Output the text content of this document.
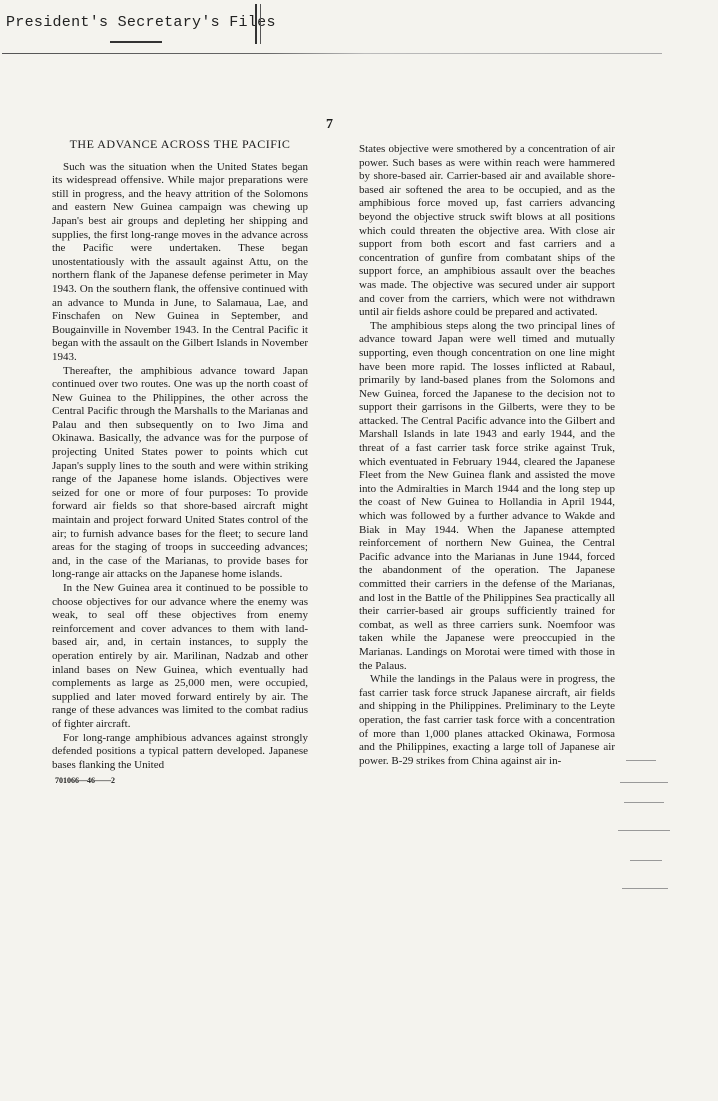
President's Secretary's Files
7
THE ADVANCE ACROSS THE PACIFIC

Such was the situation when the United States began its widespread offensive. While major preparations were still in progress, and the heavy attrition of the Solomons and eastern New Guinea campaign was chewing up Japan's best air groups and depleting her shipping and supplies, the first long-range moves in the advance across the Pacific were undertaken. These began unostentatiously with the assault against Attu, on the northern flank of the Japanese defense perimeter in May 1943. On the southern flank, the offensive continued with an advance to Munda in June, to Salamaua, Lae, and Finschafen on New Guinea in September, and Bougainville in November 1943. In the Central Pacific it began with the assault on the Gilbert Islands in November 1943.

Thereafter, the amphibious advance toward Japan continued over two routes. One was up the north coast of New Guinea to the Philippines, the other across the Central Pacific through the Marshalls to the Marianas and Palau and then subsequently on to Iwo Jima and Okinawa. Basically, the advance was for the purpose of projecting United States power to points which cut Japan's supply lines to the south and were within striking range of the Japanese home islands. Objectives were seized for one or more of four purposes: To provide forward air fields so that shore-based aircraft might maintain and project forward United States control of the air; to furnish advance bases for the fleet; to secure land areas for the staging of troops in succeeding advances; and, in the case of the Marianas, to provide bases for long-range air attacks on the Japanese home islands.

In the New Guinea area it continued to be possible to choose objectives for our advance where the enemy was weak, to seal off these objectives from enemy reinforcement and cover advances to them with land-based air, and, in certain instances, to supply the operation entirely by air. Marilinan, Nadzab and other inland bases on New Guinea, which eventually had complements as large as 25,000 men, were occupied, supplied and later moved forward entirely by air. The range of these advances was limited to the combat radius of fighter aircraft.

For long-range amphibious advances against strongly defended positions a typical pattern developed. Japanese bases flanking the United

701066—46——2

States objective were smothered by a concentration of air power. Such bases as were within reach were hammered by shore-based air. Carrier-based air and available shore-based air softened the area to be occupied, and as the amphibious force moved up, fast carriers advancing beyond the objective struck swift blows at all positions which could threaten the objective area. With close air support from both escort and fast carriers and a concentration of gunfire from combatant ships of the support force, an amphibious assault over the beaches was made. The objective was secured under air support and cover from the carriers, which were not withdrawn until air fields ashore could be prepared and activated.

The amphibious steps along the two principal lines of advance toward Japan were well timed and mutually supporting, even though concentration on one line might have been more rapid. The losses inflicted at Rabaul, primarily by land-based planes from the Solomons and New Guinea, forced the Japanese to the decision not to support their garrisons in the Gilberts, were they to be attacked. The Central Pacific advance into the Gilbert and Marshall Islands in late 1943 and early 1944, and the threat of a fast carrier task force strike against Truk, which eventuated in February 1944, cleared the Japanese Fleet from the New Guinea flank and assisted the move into the Admiralties in March 1944 and the long step up the coast of New Guinea to Hollandia in April 1944, which was followed by a further advance to Wakde and Biak in May 1944. When the Japanese attempted reinforcement of northern New Guinea, the Central Pacific advance into the Marianas in June 1944, forced the abandonment of the operation. The Japanese committed their carriers in the defense of the Marianas, and lost in the Battle of the Philippines Sea practically all their carrier-based air groups sufficiently trained for combat, as well as three carriers sunk. Noemfoor was taken while the Japanese were preoccupied in the Marianas. Landings on Morotai were timed with those in the Palaus.

While the landings in the Palaus were in progress, the fast carrier task force struck Japanese aircraft, air fields and shipping in the Philippines. Preliminary to the Leyte operation, the fast carrier task force with a concentration of more than 1,000 planes attacked Okinawa, Formosa and the Philippines, exacting a large toll of Japanese air power. B-29 strikes from China against air in-
